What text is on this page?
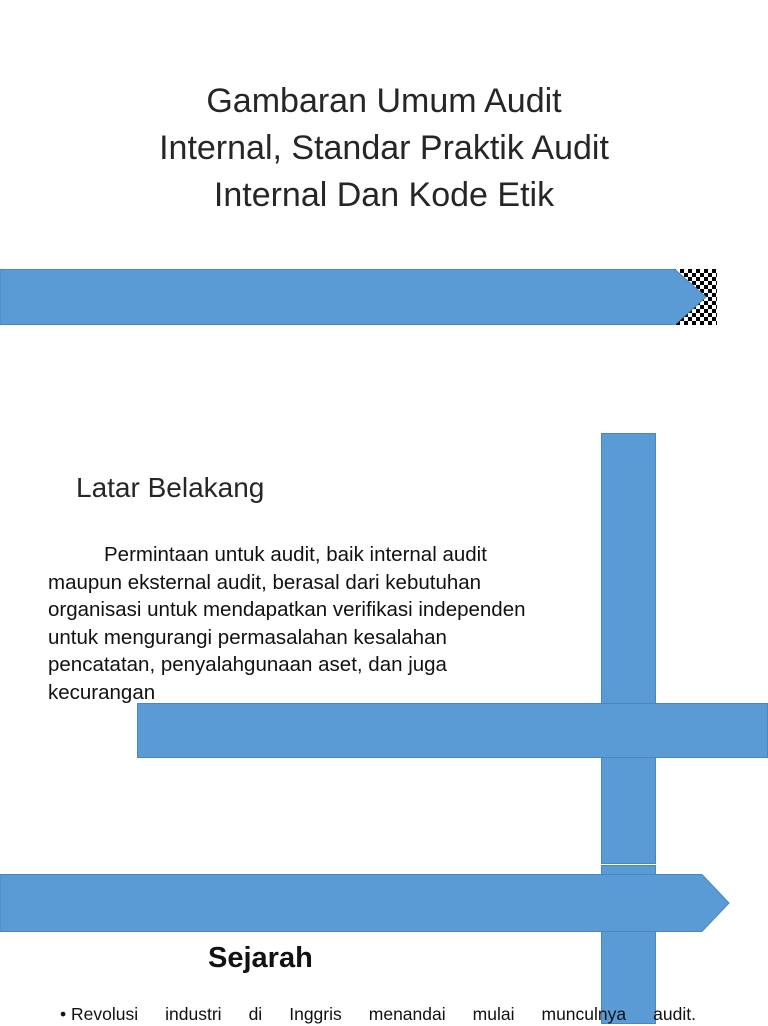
Gambaran Umum Audit
Internal, Standar Praktik Audit
Internal Dan Kode Etik
Latar Belakang
Permintaan untuk audit, baik internal audit
maupun eksternal audit, berasal dari kebutuhan
organisasi untuk mendapatkan verifikasi independen
untuk mengurangi permasalahan kesalahan
pencatatan, penyalahgunaan aset, dan juga
kecurangan
Sejarah
• Revolusi industri di Inggris menandai mulai munculnya audit.
